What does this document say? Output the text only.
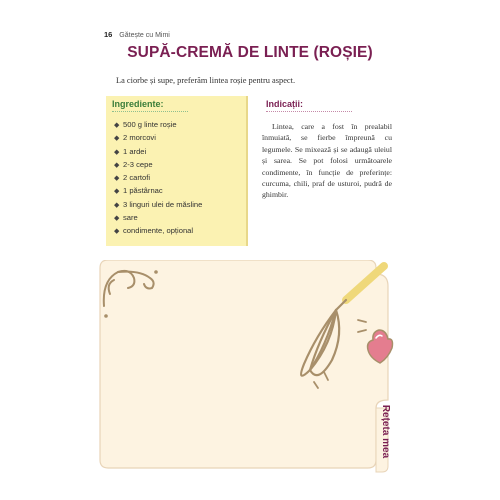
16 Gătește cu Mimi
SUPĂ-CREMĂ DE LINTE (ROȘIE)
La ciorbe și supe, preferăm lintea roșie pentru aspect.
Ingrediente:
◆ 500 g linte roșie
◆ 2 morcovi
◆ 1 ardei
◆ 2-3 cepe
◆ 2 cartofi
◆ 1 păstârnac
◆ 3 linguri ulei de măsline
◆ sare
◆ condimente, opțional
Indicații:

Lintea, care a fost în prealabil înmuiată, se fierbe împreună cu legumele. Se mixează și se adaugă uleiul și sarea. Se pot folosi următoarele condimente, în funcție de preferințe: curcuma, chili, praf de usturoi, pudră de ghimbir.

Rețeta mea
